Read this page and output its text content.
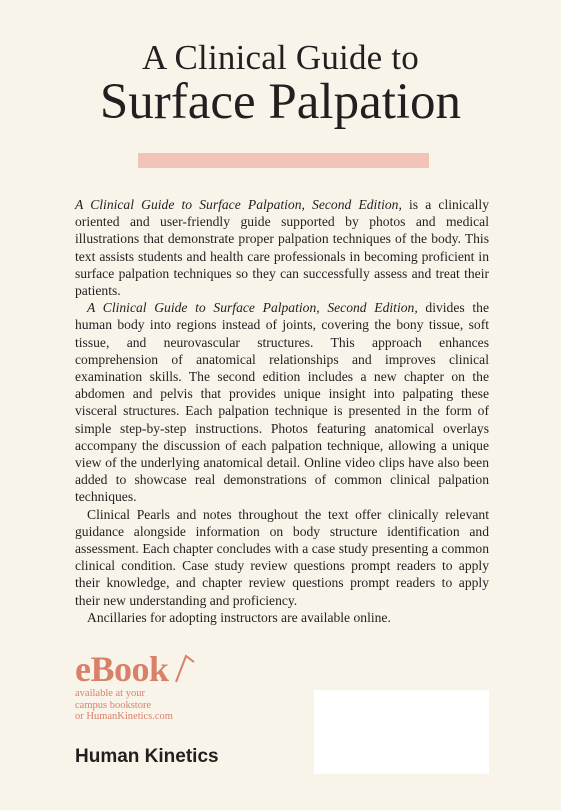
A Clinical Guide to
Surface Palpation

A Clinical Guide to Surface Palpation, Second Edition, is a clinically oriented and user-friendly guide supported by photos and medical illustrations that demonstrate proper palpation techniques of the body. This text assists students and health care professionals in becoming proficient in surface palpation techniques so they can successfully assess and treat their patients.

A Clinical Guide to Surface Palpation, Second Edition, divides the human body into regions instead of joints, covering the bony tissue, soft tissue, and neurovascular structures. This approach enhances comprehension of anatomical relationships and improves clinical examination skills. The second edition includes a new chapter on the abdomen and pelvis that provides unique insight into palpating these visceral structures. Each palpation technique is presented in the form of simple step-by-step instructions. Photos featuring anatomical overlays accompany the discussion of each palpation technique, allowing a unique view of the underlying anatomical detail. Online video clips have also been added to showcase real demonstrations of common clinical palpation techniques.

Clinical Pearls and notes throughout the text offer clinically relevant guidance alongside information on body structure identification and assessment. Each chapter concludes with a case study presenting a common clinical condition. Case study review questions prompt readers to apply their knowledge, and chapter review questions prompt readers to apply their new understanding and proficiency.

Ancillaries for adopting instructors are available online.

eBook
available at your
campus bookstore
or HumanKinetics.com
Human Kinetics
